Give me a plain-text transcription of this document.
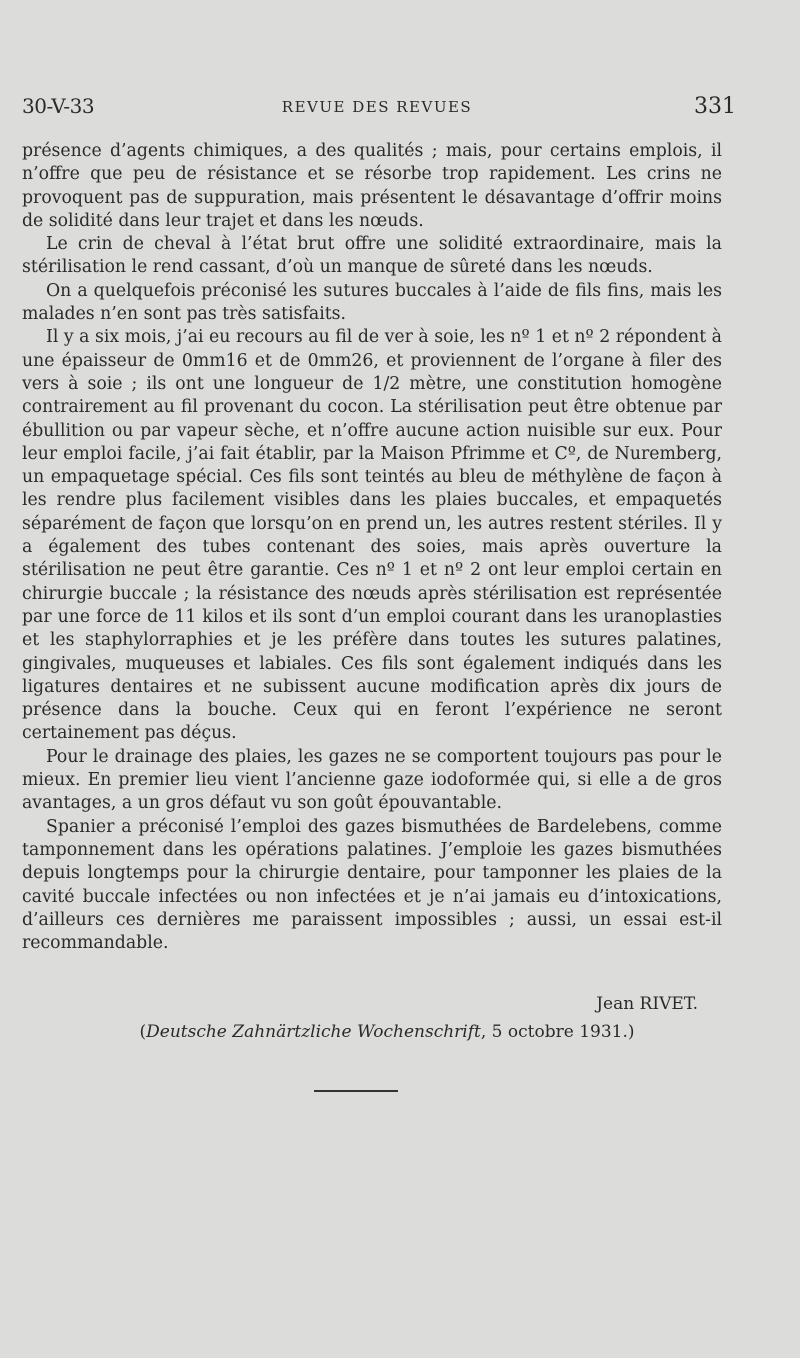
30-V-33	REVUE DES REVUES	331

présence d’agents chimiques, a des qualités ; mais, pour certains emplois, il n’offre que peu de résistance et se résorbe trop rapidement. Les crins ne provoquent pas de suppuration, mais présentent le désavantage d’offrir moins de solidité dans leur trajet et dans les nœuds.

Le crin de cheval à l’état brut offre une solidité extraordinaire, mais la stérilisation le rend cassant, d’où un manque de sûreté dans les nœuds.

On a quelquefois préconisé les sutures buccales à l’aide de fils fins, mais les malades n’en sont pas très satisfaits.

Il y a six mois, j’ai eu recours au fil de ver à soie, les nº 1 et nº 2 répondent à une épaisseur de 0mm16 et de 0mm26, et proviennent de l’organe à filer des vers à soie ; ils ont une longueur de 1/2 mètre, une constitution homogène contrairement au fil provenant du cocon. La stérilisation peut être obtenue par ébullition ou par vapeur sèche, et n’offre aucune action nuisible sur eux. Pour leur emploi facile, j’ai fait établir, par la Maison Pfrimme et Cº, de Nuremberg, un empaquetage spécial. Ces fils sont teintés au bleu de méthylène de façon à les rendre plus facilement visibles dans les plaies buccales, et empaquetés séparément de façon que lorsqu’on en prend un, les autres restent stériles. Il y a également des tubes contenant des soies, mais après ouverture la stérilisation ne peut être garantie. Ces nº 1 et nº 2 ont leur emploi certain en chirurgie buccale ; la résistance des nœuds après stérilisation est représentée par une force de 11 kilos et ils sont d’un emploi courant dans les uranoplasties et les staphylorraphies et je les préfère dans toutes les sutures palatines, gingivales, muqueuses et labiales. Ces fils sont également indiqués dans les ligatures dentaires et ne subissent aucune modification après dix jours de présence dans la bouche. Ceux qui en feront l’expérience ne seront certainement pas déçus.

Pour le drainage des plaies, les gazes ne se comportent toujours pas pour le mieux. En premier lieu vient l’ancienne gaze iodoformée qui, si elle a de gros avantages, a un gros défaut vu son goût épouvantable.

Spanier a préconisé l’emploi des gazes bismuthées de Bardelebens, comme tamponnement dans les opérations palatines. J’emploie les gazes bismuthées depuis longtemps pour la chirurgie dentaire, pour tamponner les plaies de la cavité buccale infectées ou non infectées et je n’ai jamais eu d’intoxications, d’ailleurs ces dernières me paraissent impossibles ; aussi, un essai est-il recommandable.

Jean RIVET.
(Deutsche Zahnärtzliche Wochenschrift, 5 octobre 1931.)
